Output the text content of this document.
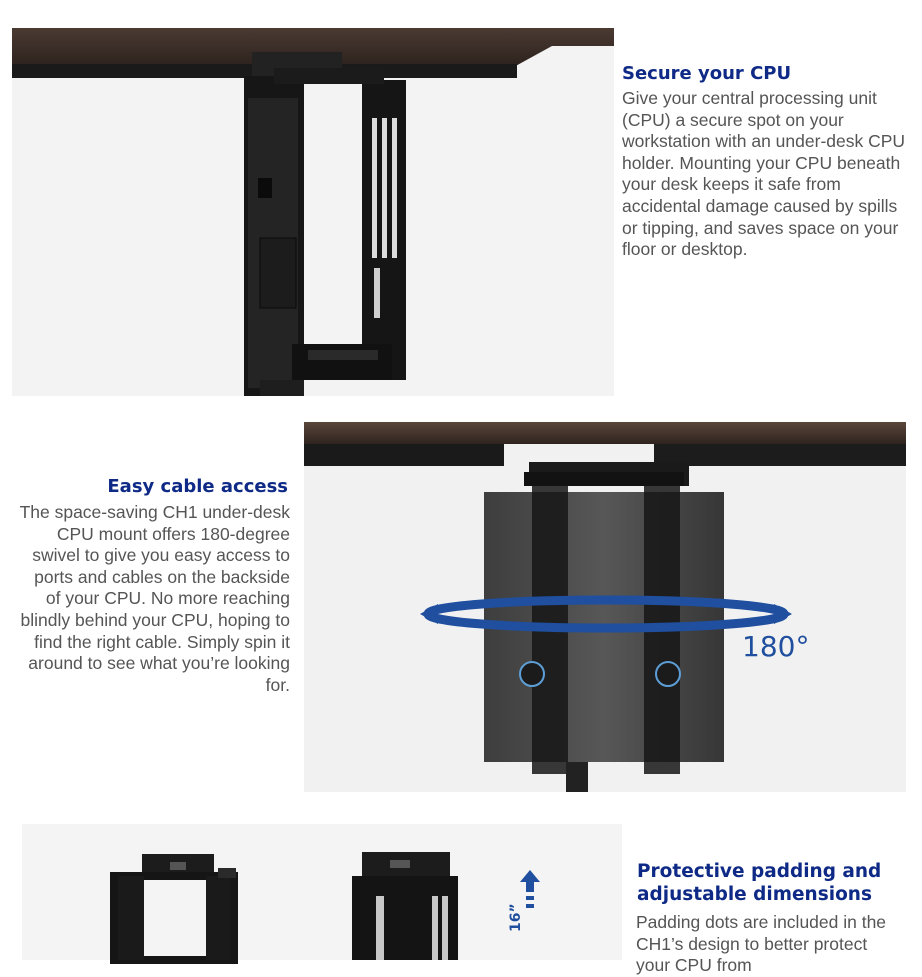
Secure your CPU
Give your central processing unit (CPU) a secure spot on your workstation with an under-desk CPU holder. Mounting your CPU beneath your desk keeps it safe from accidental damage caused by spills or tipping, and saves space on your floor or desktop.
Easy cable access
The space-saving CH1 under-desk CPU mount offers 180-degree swivel to give you easy access to ports and cables on the backside of your CPU. No more reaching blindly behind your CPU, hoping to find the right cable. Simply spin it around to see what you’re looking for.
180°
16”
Protective padding and adjustable dimensions
Padding dots are included in the CH1’s design to better protect your CPU from
